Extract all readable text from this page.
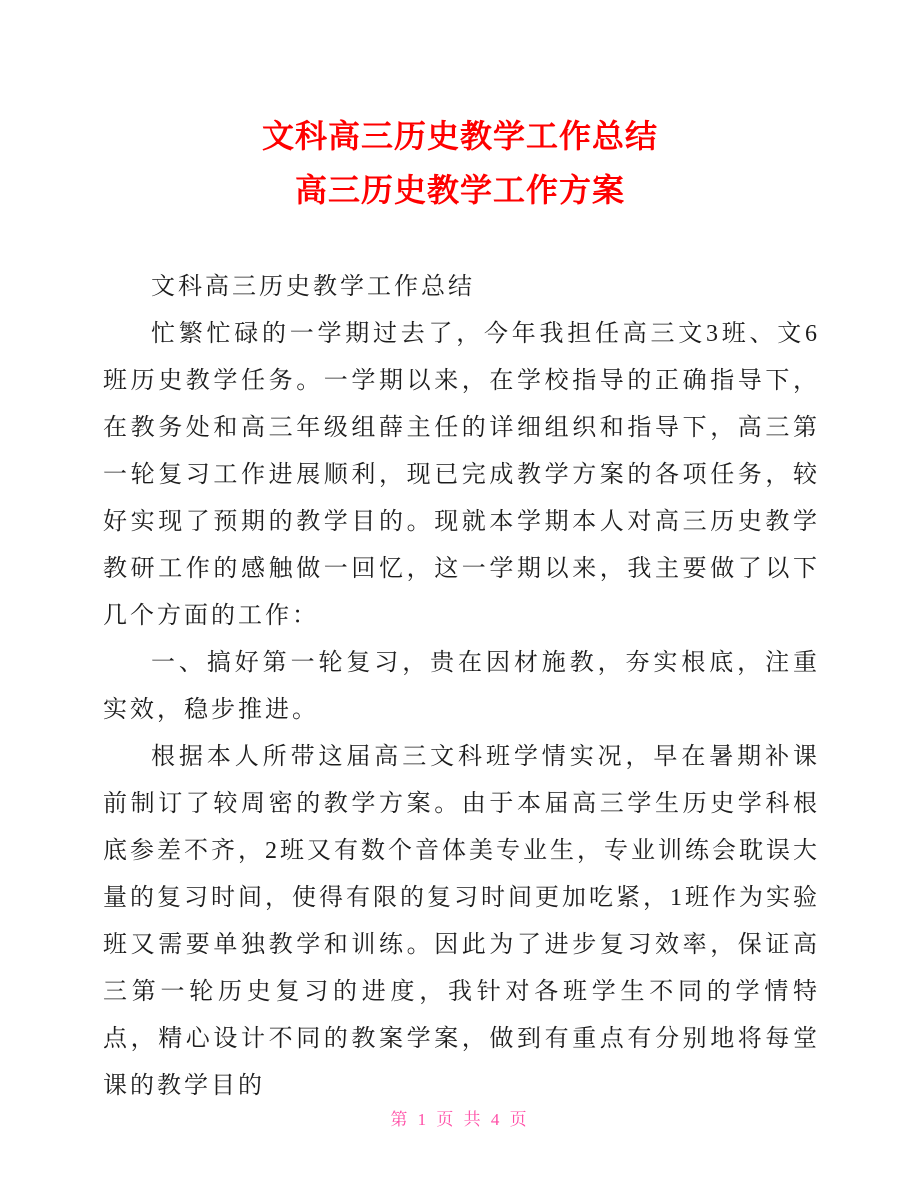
文科高三历史教学工作总结
高三历史教学工作方案

文科高三历史教学工作总结

忙繁忙碌的一学期过去了，今年我担任高三文3班、文6班历史教学任务。一学期以来，在学校指导的正确指导下，在教务处和高三年级组薛主任的详细组织和指导下，高三第一轮复习工作进展顺利，现已完成教学方案的各项任务，较好实现了预期的教学目的。现就本学期本人对高三历史教学教研工作的感触做一回忆，这一学期以来，我主要做了以下几个方面的工作：

一、搞好第一轮复习，贵在因材施教，夯实根底，注重实效，稳步推进。

根据本人所带这届高三文科班学情实况，早在暑期补课前制订了较周密的教学方案。由于本届高三学生历史学科根底参差不齐，2班又有数个音体美专业生，专业训练会耽误大量的复习时间，使得有限的复习时间更加吃紧，1班作为实验班又需要单独教学和训练。因此为了进步复习效率，保证高三第一轮历史复习的进度，我针对各班学生不同的学情特点，精心设计不同的教案学案，做到有重点有分别地将每堂课的教学目的

第 1 页 共 4 页
